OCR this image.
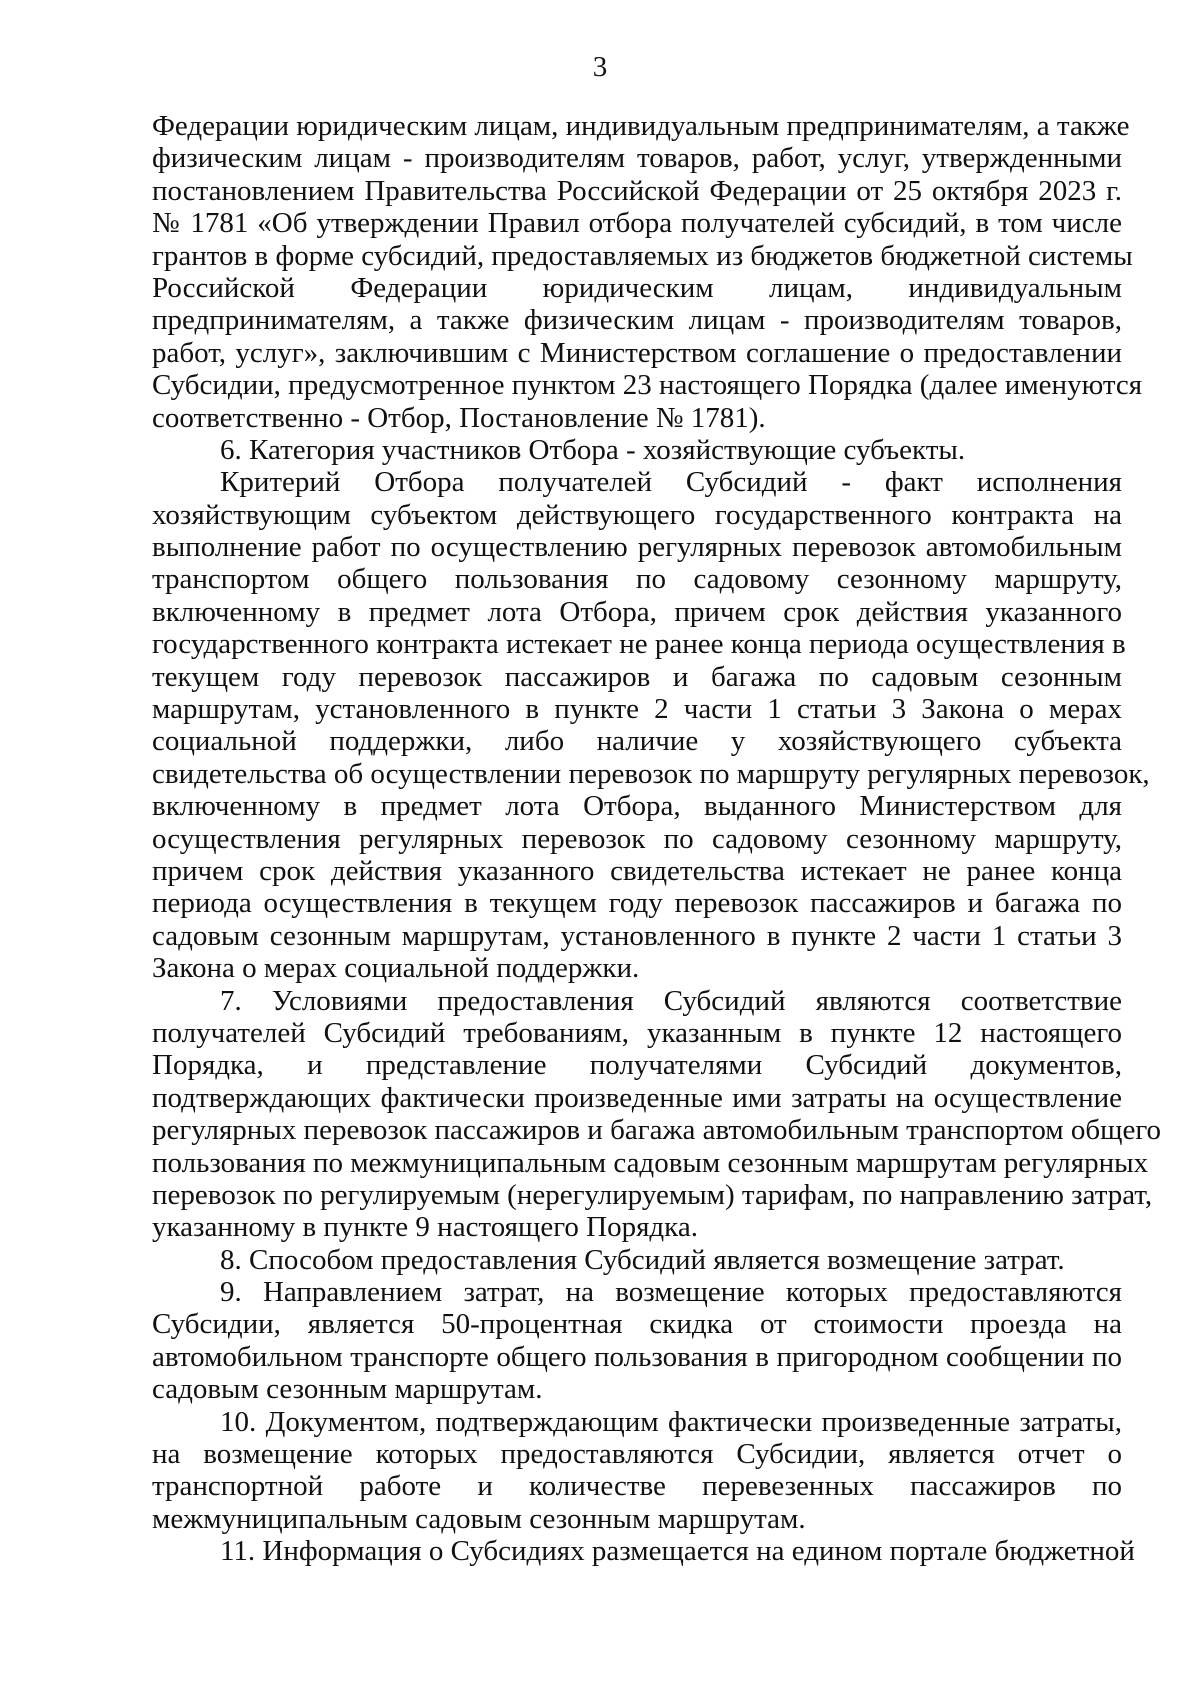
3
Федерации юридическим лицам, индивидуальным предпринимателям, а также
физическим лицам - производителям товаров, работ, услуг, утвержденными
постановлением Правительства Российской Федерации от 25 октября 2023 г.
№ 1781 «Об утверждении Правил отбора получателей субсидий, в том числе
грантов в форме субсидий, предоставляемых из бюджетов бюджетной системы
Российской Федерации юридическим лицам, индивидуальным
предпринимателям, а также физическим лицам - производителям товаров,
работ, услуг», заключившим с Министерством соглашение о предоставлении
Субсидии, предусмотренное пунктом 23 настоящего Порядка (далее именуются
соответственно - Отбор, Постановление № 1781).
6. Категория участников Отбора - хозяйствующие субъекты.
Критерий Отбора получателей Субсидий - факт исполнения
хозяйствующим субъектом действующего государственного контракта на
выполнение работ по осуществлению регулярных перевозок автомобильным
транспортом общего пользования по садовому сезонному маршруту,
включенному в предмет лота Отбора, причем срок действия указанного
государственного контракта истекает не ранее конца периода осуществления в
текущем году перевозок пассажиров и багажа по садовым сезонным
маршрутам, установленного в пункте 2 части 1 статьи 3 Закона о мерах
социальной поддержки, либо наличие у хозяйствующего субъекта
свидетельства об осуществлении перевозок по маршруту регулярных перевозок,
включенному в предмет лота Отбора, выданного Министерством для
осуществления регулярных перевозок по садовому сезонному маршруту,
причем срок действия указанного свидетельства истекает не ранее конца
периода осуществления в текущем году перевозок пассажиров и багажа по
садовым сезонным маршрутам, установленного в пункте 2 части 1 статьи 3
Закона о мерах социальной поддержки.
7. Условиями предоставления Субсидий являются соответствие
получателей Субсидий требованиям, указанным в пункте 12 настоящего
Порядка, и представление получателями Субсидий документов,
подтверждающих фактически произведенные ими затраты на осуществление
регулярных перевозок пассажиров и багажа автомобильным транспортом общего
пользования по межмуниципальным садовым сезонным маршрутам регулярных
перевозок по регулируемым (нерегулируемым) тарифам, по направлению затрат,
указанному в пункте 9 настоящего Порядка.
8. Способом предоставления Субсидий является возмещение затрат.
9. Направлением затрат, на возмещение которых предоставляются
Субсидии, является 50-процентная скидка от стоимости проезда на
автомобильном транспорте общего пользования в пригородном сообщении по
садовым сезонным маршрутам.
10. Документом, подтверждающим фактически произведенные затраты,
на возмещение которых предоставляются Субсидии, является отчет о
транспортной работе и количестве перевезенных пассажиров по
межмуниципальным садовым сезонным маршрутам.
11. Информация о Субсидиях размещается на едином портале бюджетной
